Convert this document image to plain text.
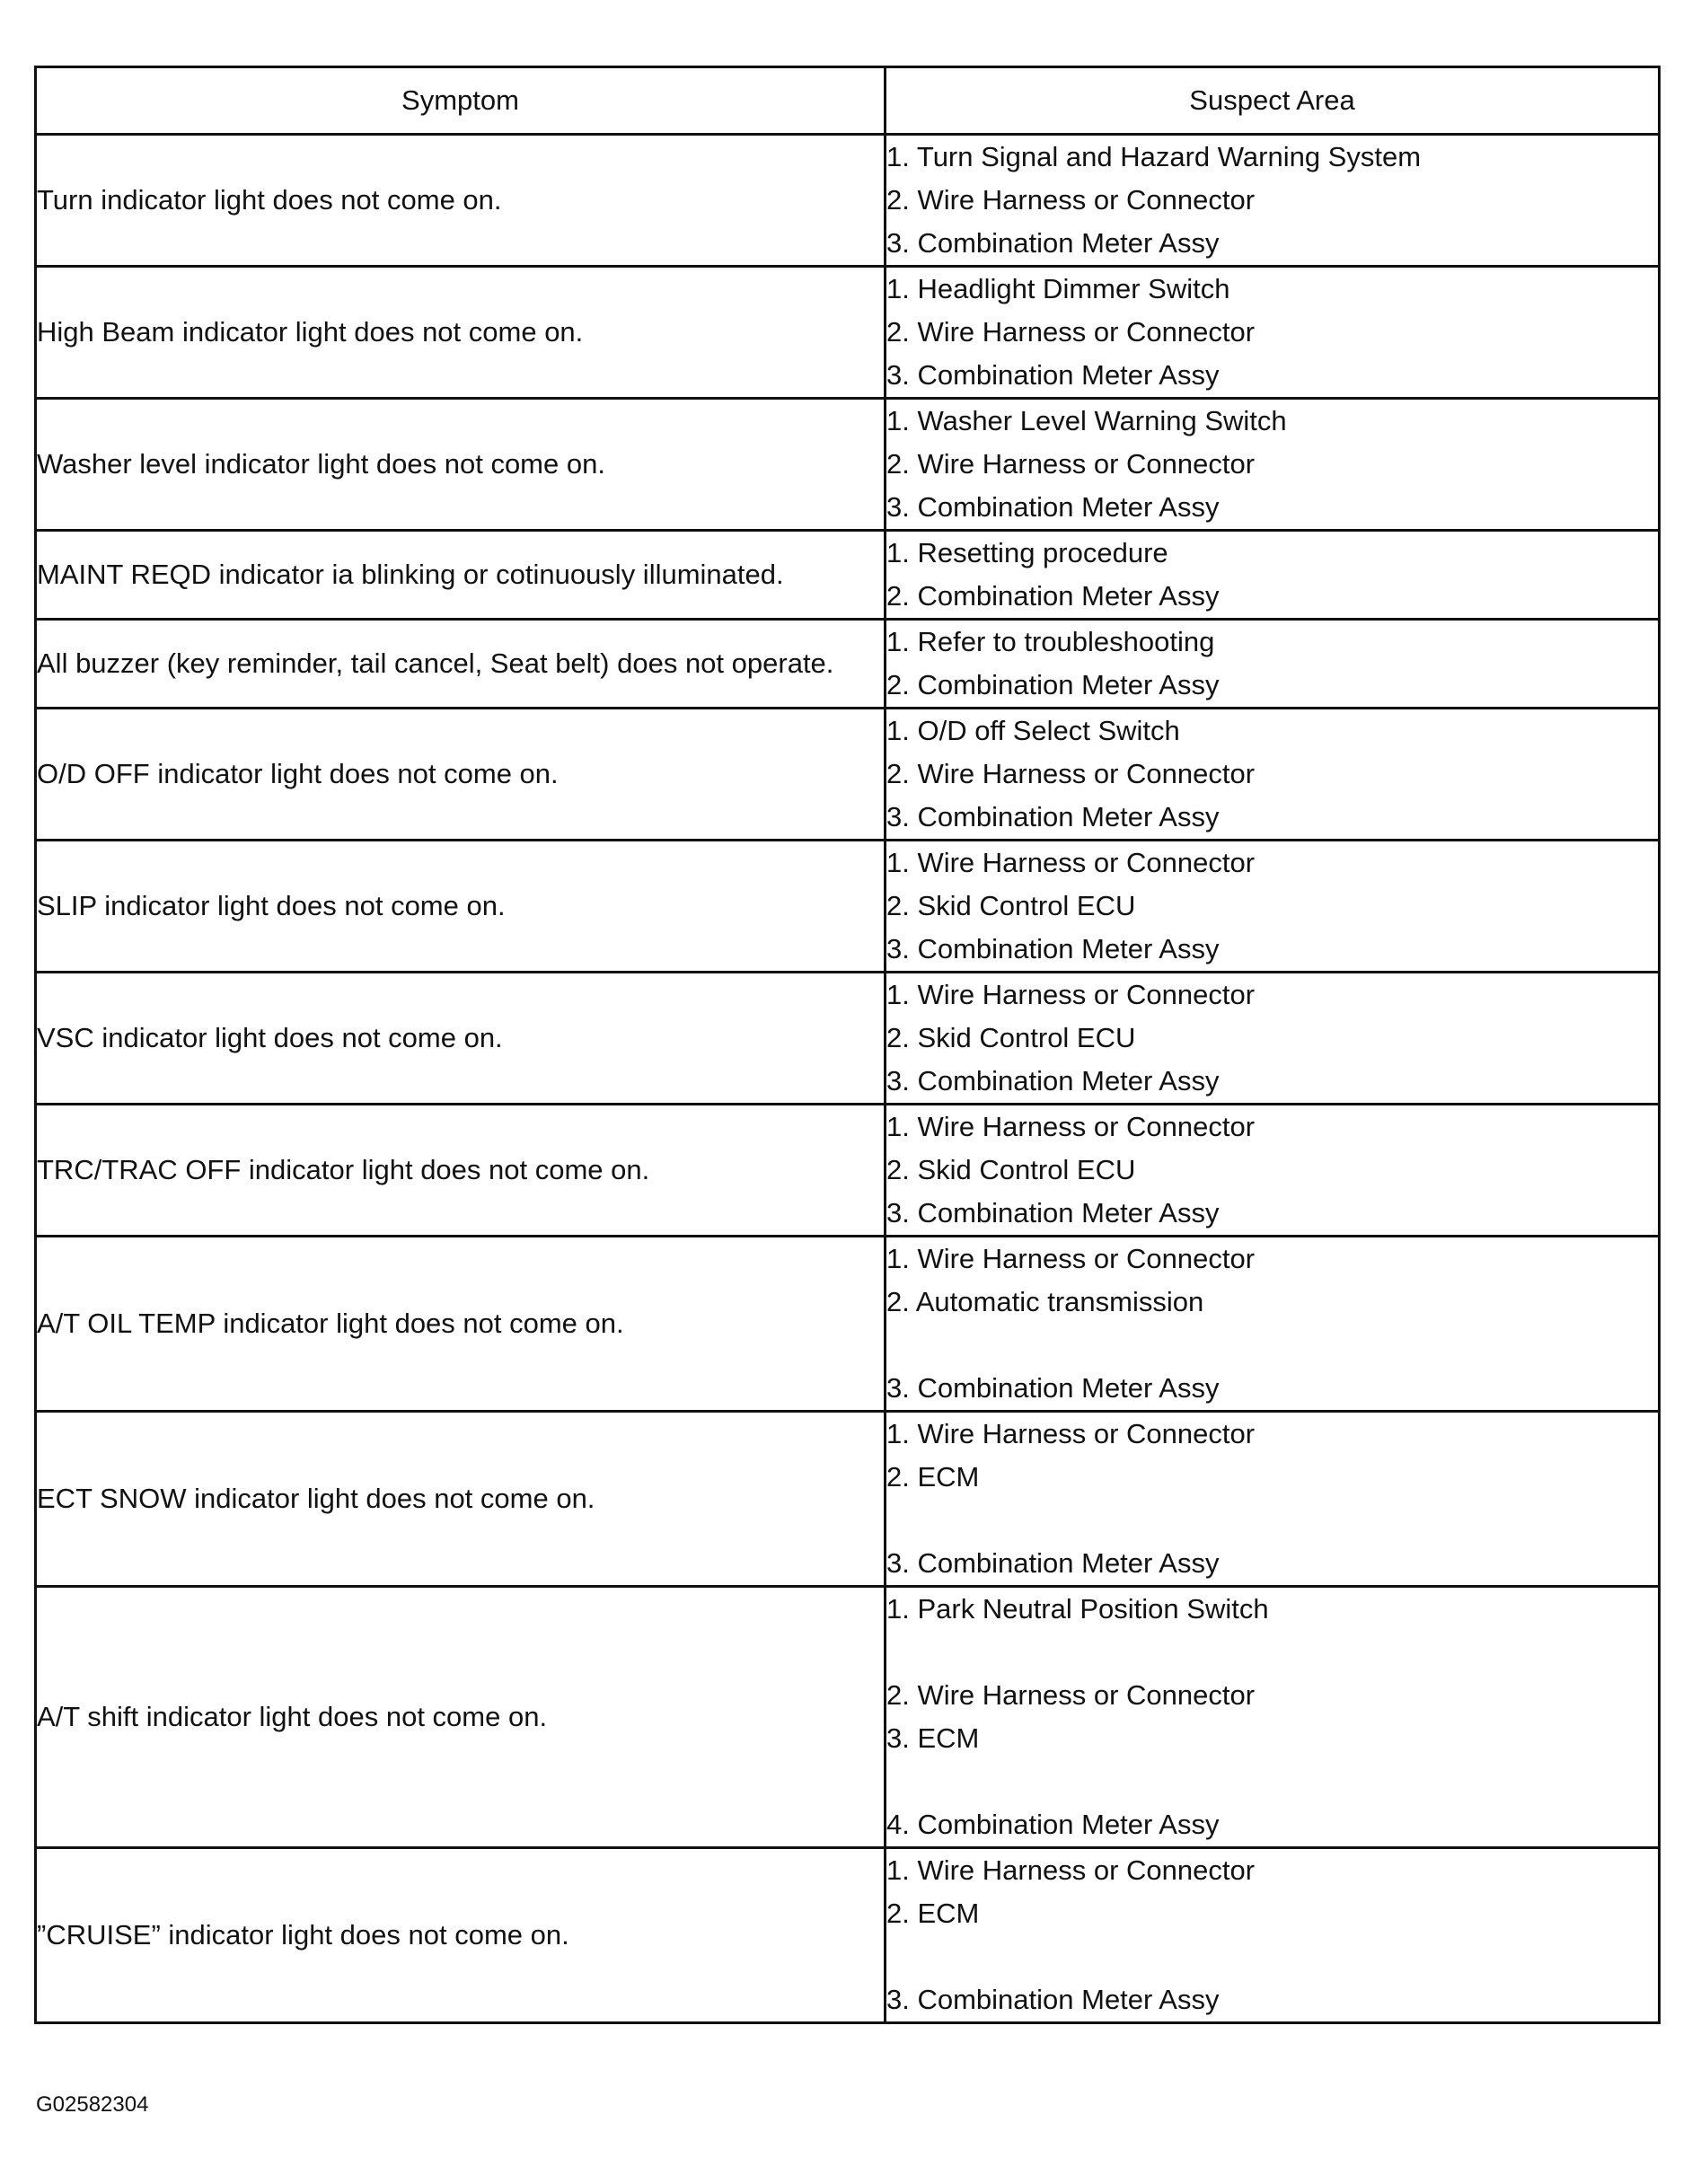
Symptom	Suspect Area
Turn indicator light does not come on.	1. Turn Signal and Hazard Warning System
2. Wire Harness or Connector
3. Combination Meter Assy

High Beam indicator light does not come on.	1. Headlight Dimmer Switch
2. Wire Harness or Connector
3. Combination Meter Assy

Washer level indicator light does not come on.	1. Washer Level Warning Switch
2. Wire Harness or Connector
3. Combination Meter Assy

MAINT REQD indicator ia blinking or cotinuously illuminated.	1. Resetting procedure
2. Combination Meter Assy

All buzzer (key reminder, tail cancel, Seat belt) does not operate.	1. Refer to troubleshooting
2. Combination Meter Assy

O/D OFF indicator light does not come on.	1. O/D off Select Switch
2. Wire Harness or Connector
3. Combination Meter Assy

SLIP indicator light does not come on.	1. Wire Harness or Connector
2. Skid Control ECU
3. Combination Meter Assy

VSC indicator light does not come on.	1. Wire Harness or Connector
2. Skid Control ECU
3. Combination Meter Assy

TRC/TRAC OFF indicator light does not come on.	1. Wire Harness or Connector
2. Skid Control ECU
3. Combination Meter Assy

A/T OIL TEMP indicator light does not come on.	1. Wire Harness or Connector
2. Automatic transmission
3. Combination Meter Assy

ECT SNOW indicator light does not come on.	1. Wire Harness or Connector
2. ECM
3. Combination Meter Assy

A/T shift indicator light does not come on.	1. Park Neutral Position Switch
2. Wire Harness or Connector
3. ECM
4. Combination Meter Assy

”CRUISE” indicator light does not come on.	1. Wire Harness or Connector
2. ECM
3. Combination Meter Assy
G02582304
